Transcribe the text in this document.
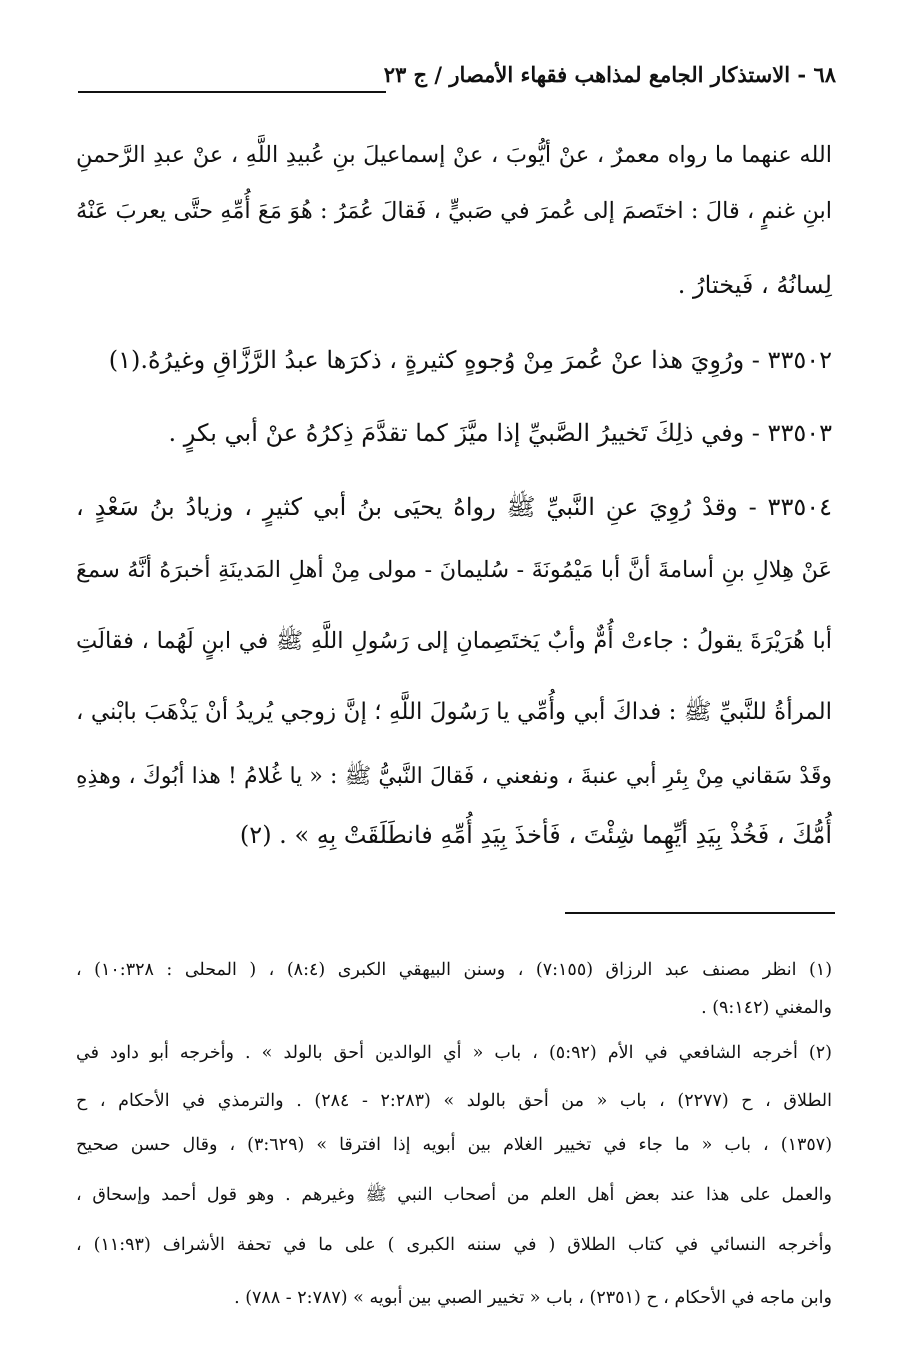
٦٨ - الاستذكار الجامع لمذاهب فقهاء الأمصار / ج ٢٣
الله عنهما ما رواه معمرٌ ، عنْ أيُّوبَ ، عنْ إسماعيلَ بنِ عُبيدِ اللَّهِ ، عنْ عبدِ الرَّحمنِ
ابنِ غنمٍ ، قالَ : اختَصمَ إلى عُمرَ في صَبيٍّ ، فَقالَ عُمَرُ : هُوَ مَعَ أُمِّهِ حتَّى يعربَ عَنْهُ
لِسانُهُ ، فَيختارُ .
٣٣٥٠٢ - ورُوِيَ هذا عنْ عُمرَ مِنْ وُجوهٍ كثيرةٍ ، ذكرَها عبدُ الرَّزَّاقِ وغيرُهُ.(١)
٣٣٥٠٣ - وفي ذلِكَ تَخييرُ الصَّبيِّ إذا ميَّزَ كما تقدَّمَ ذِكرُهُ عنْ أبي بكرٍ .
٣٣٥٠٤ - وقدْ رُوِيَ عنِ النَّبيِّ ﷺ رواهُ يحيَى بنُ أبي كثيرٍ ، وزيادُ بنُ سَعْدٍ ،
عَنْ هِلالِ بنِ أسامةَ أنَّ أبا مَيْمُونَةَ - سُليمانَ - مولى مِنْ أهلِ المَدينَةِ أخبرَهُ أنَّهُ سمعَ
أبا هُرَيْرَةَ يقولُ : جاءتْ أُمٌّ وأبٌ يَختَصِمانِ إلى رَسُولِ اللَّهِ ﷺ في ابنٍ لَهُما ، فقالَتِ
المرأةُ للنَّبيِّ ﷺ : فداكَ أبي وأُمِّي يا رَسُولَ اللَّهِ ؛ إنَّ زوجي يُريدُ أنْ يَذْهَبَ بابْني ،
وقَدْ سَقاني مِنْ بِئرِ أبي عنبةَ ، ونفعني ، فَقالَ النَّبيُّ ﷺ : « يا غُلامُ ! هذا أبُوكَ ، وهذِهِ
أُمُّكَ ، فَخُذْ بِيَدِ أيِّهِما شِئْتَ ، فَأخذَ بِيَدِ أُمِّهِ فانطَلَقَتْ بِهِ » . (٢)
(١) انظر مصنف عبد الرزاق (٧:١٥٥) ، وسنن البيهقي الكبرى (٨:٤) ، ( المحلى : ١٠:٣٢٨) ،
والمغني (٩:١٤٢) .
(٢) أخرجه الشافعي في الأم (٥:٩٢) ، باب « أي الوالدين أحق بالولد » . وأخرجه أبو داود في
الطلاق ، ح (٢٢٧٧) ، باب « من أحق بالولد » (٢:٢٨٣ - ٢٨٤) . والترمذي في الأحكام ، ح
(١٣٥٧) ، باب « ما جاء في تخيير الغلام بين أبويه إذا افترقا » (٣:٦٢٩) ، وقال حسن صحيح
والعمل على هذا عند بعض أهل العلم من أصحاب النبي ﷺ وغيرهم . وهو قول أحمد وإسحاق ،
وأخرجه النسائي في كتاب الطلاق ( في سننه الكبرى ) على ما في تحفة الأشراف (١١:٩٣) ،
وابن ماجه في الأحكام ، ح (٢٣٥١) ، باب « تخيير الصبي بين أبويه » (٢:٧٨٧ - ٧٨٨) .
